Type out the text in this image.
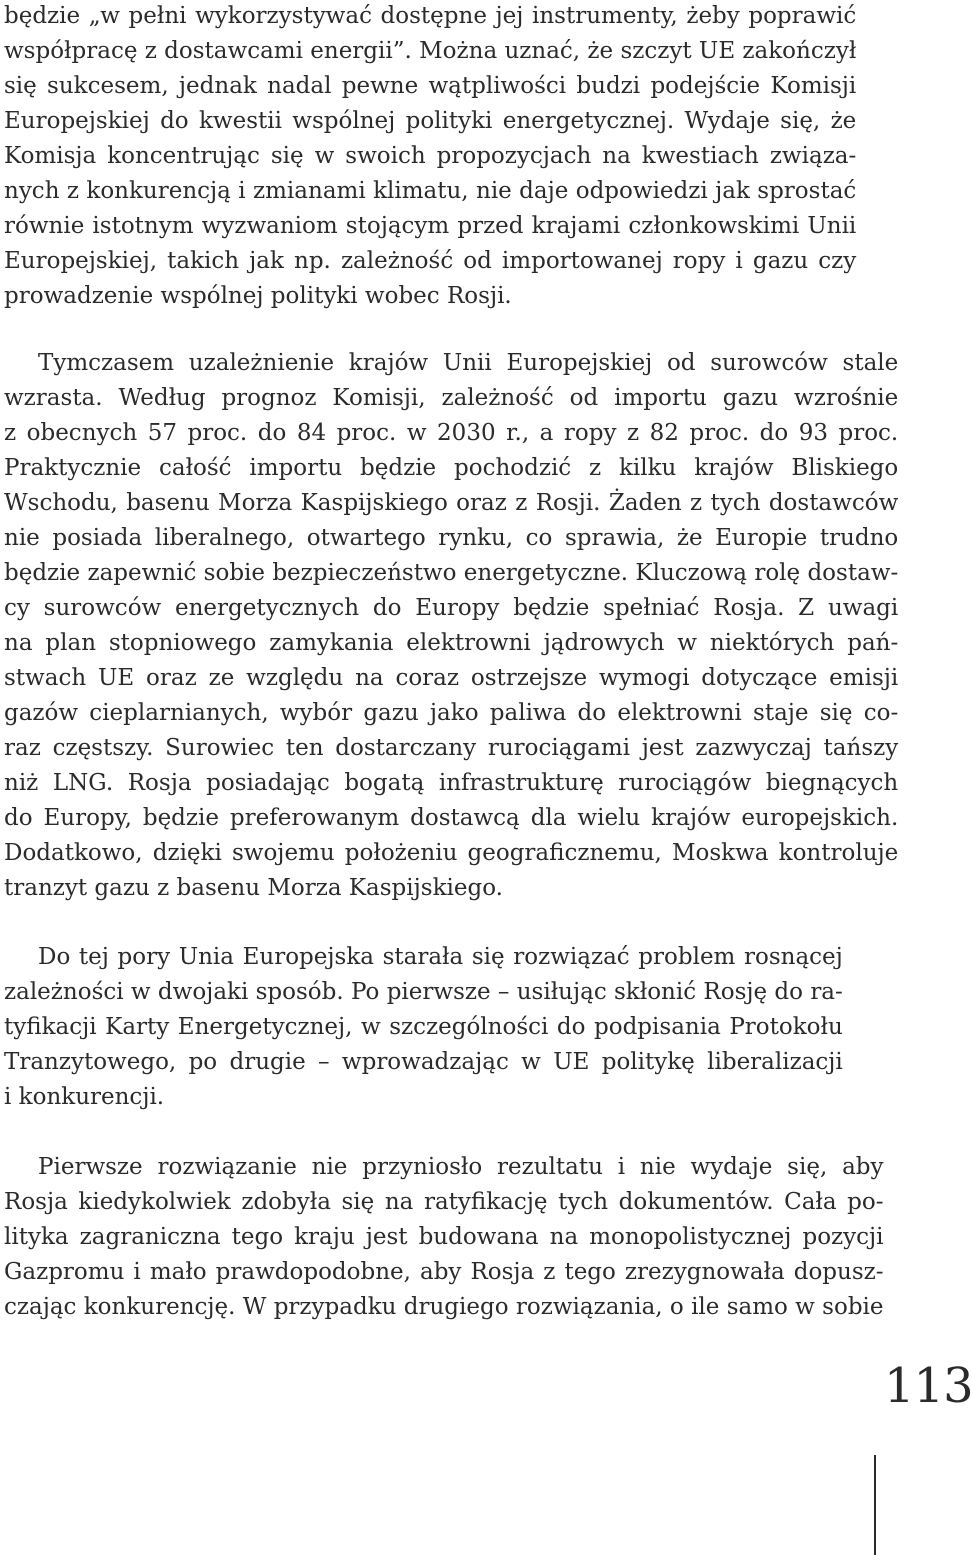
będzie „w pełni wykorzystywać dostępne jej instrumenty, żeby poprawić
współpracę z dostawcami energii”. Można uznać, że szczyt UE zakończył
się sukcesem, jednak nadal pewne wątpliwości budzi podejście Komisji
Europejskiej do kwestii wspólnej polityki energetycznej. Wydaje się, że
Komisja koncentrując się w swoich propozycjach na kwestiach związa-
nych z konkurencją i zmianami klimatu, nie daje odpowiedzi jak sprostać
równie istotnym wyzwaniom stojącym przed krajami członkowskimi Unii
Europejskiej, takich jak np. zależność od importowanej ropy i gazu czy
prowadzenie wspólnej polityki wobec Rosji.
Tymczasem uzależnienie krajów Unii Europejskiej od surowców stale
wzrasta. Według prognoz Komisji, zależność od importu gazu wzrośnie
z obecnych 57 proc. do 84 proc. w 2030 r., a ropy z 82 proc. do 93 proc.
Praktycznie całość importu będzie pochodzić z kilku krajów Bliskiego
Wschodu, basenu Morza Kaspijskiego oraz z Rosji. Żaden z tych dostawców
nie posiada liberalnego, otwartego rynku, co sprawia, że Europie trudno
będzie zapewnić sobie bezpieczeństwo energetyczne. Kluczową rolę dostaw-
cy surowców energetycznych do Europy będzie spełniać Rosja. Z uwagi
na plan stopniowego zamykania elektrowni jądrowych w niektórych pań-
stwach UE oraz ze względu na coraz ostrzejsze wymogi dotyczące emisji
gazów cieplarnianych, wybór gazu jako paliwa do elektrowni staje się co-
raz częstszy. Surowiec ten dostarczany rurociągami jest zazwyczaj tańszy
niż LNG. Rosja posiadając bogatą infrastrukturę rurociągów biegnących
do Europy, będzie preferowanym dostawcą dla wielu krajów europejskich.
Dodatkowo, dzięki swojemu położeniu geograficznemu, Moskwa kontroluje
tranzyt gazu z basenu Morza Kaspijskiego.
Do tej pory Unia Europejska starała się rozwiązać problem rosnącej
zależności w dwojaki sposób. Po pierwsze – usiłując skłonić Rosję do ra-
tyfikacji Karty Energetycznej, w szczególności do podpisania Protokołu
Tranzytowego, po drugie – wprowadzając w UE politykę liberalizacji
i konkurencji.
Pierwsze rozwiązanie nie przyniosło rezultatu i nie wydaje się, aby
Rosja kiedykolwiek zdobyła się na ratyfikację tych dokumentów. Cała po-
lityka zagraniczna tego kraju jest budowana na monopolistycznej pozycji
Gazpromu i mało prawdopodobne, aby Rosja z tego zrezygnowała dopusz-
czając konkurencję. W przypadku drugiego rozwiązania, o ile samo w sobie
113
